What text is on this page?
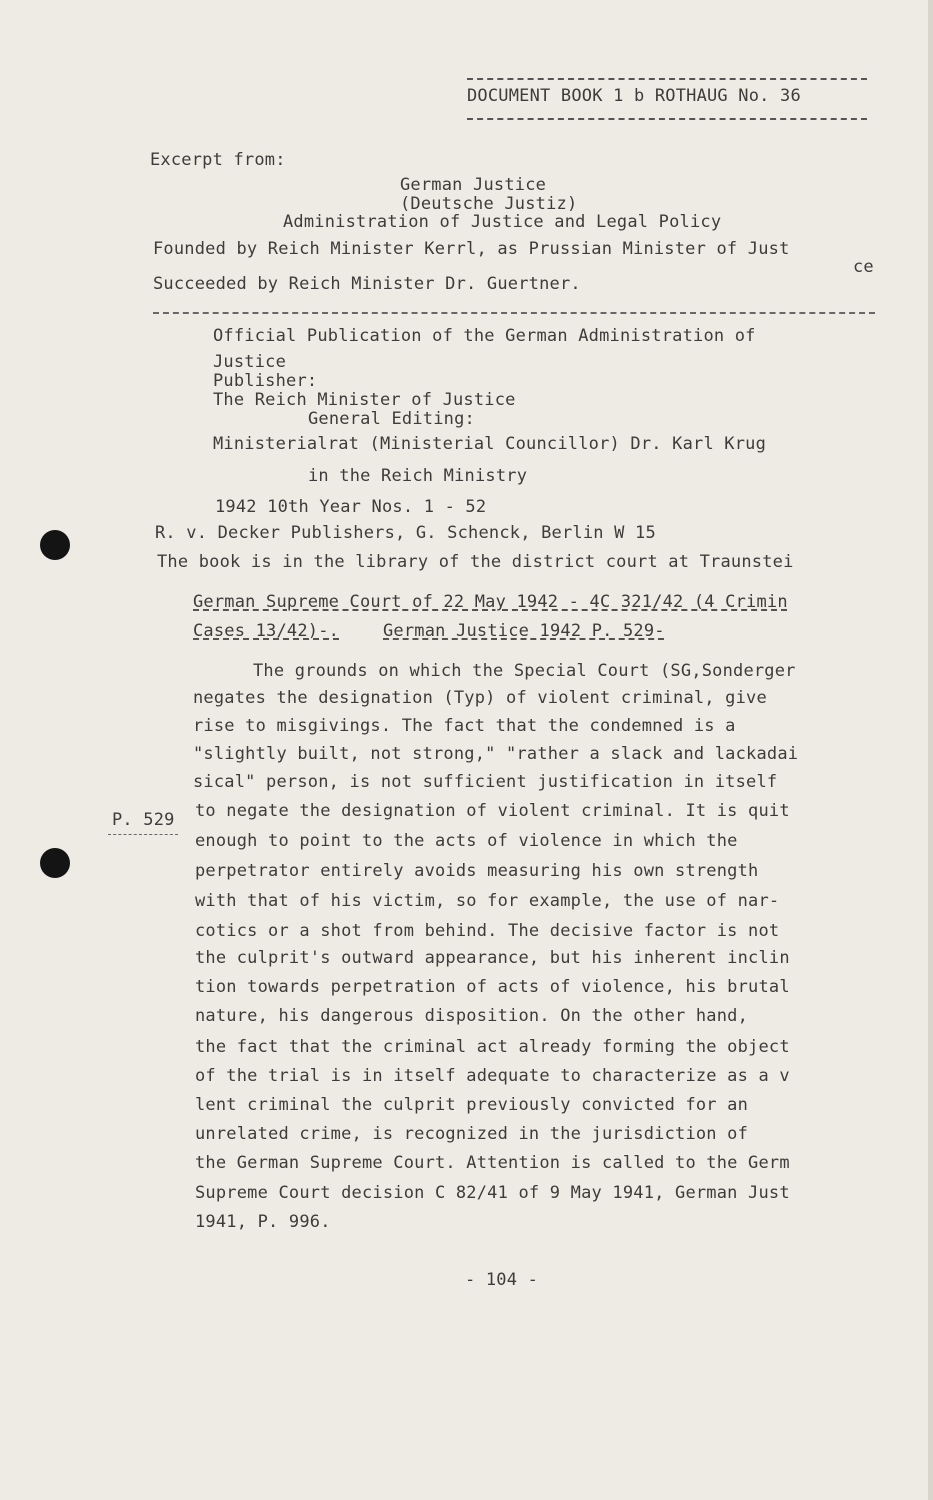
DOCUMENT BOOK 1 b ROTHAUG No. 36
Excerpt from:
German Justice
(Deutsche Justiz)
Administration of Justice and Legal Policy
Founded by Reich Minister Kerrl, as Prussian Minister of Just
ce
Succeeded by Reich Minister Dr. Guertner.
Official Publication of the German Administration of
Justice
Publisher:
The Reich Minister of Justice
General Editing:
Ministerialrat (Ministerial Councillor) Dr. Karl Krug
in the Reich Ministry
1942 10th Year Nos. 1 - 52
R. v. Decker Publishers, G. Schenck, Berlin W 15
The book is in the library of the district court at Traunstei
German Supreme Court of 22 May 1942 - 4C 321/42 (4 Crimin
Cases 13/42)-.	German Justice 1942 P. 529-
P. 529
The grounds on which the Special Court (SG,Sonderger
negates the designation (Typ) of violent criminal, give
rise to misgivings. The fact that the condemned is a
"slightly built, not strong," "rather a slack and lackadai
sical" person, is not sufficient justification in itself
to negate the designation of violent criminal. It is quit
enough to point to the acts of violence in which the
perpetrator entirely avoids measuring his own strength
with that of his victim, so for example, the use of nar-
cotics or a shot from behind. The decisive factor is not
the culprit's outward appearance, but his inherent inclin
tion towards perpetration of acts of violence, his brutal
nature, his dangerous disposition. On the other hand,
the fact that the criminal act already forming the object
of the trial is in itself adequate to characterize as a v
lent criminal the culprit previously convicted for an
unrelated crime, is recognized in the jurisdiction of
the German Supreme Court. Attention is called to the Germ
Supreme Court decision C 82/41 of 9 May 1941, German Just
1941, P. 996.
- 104 -
